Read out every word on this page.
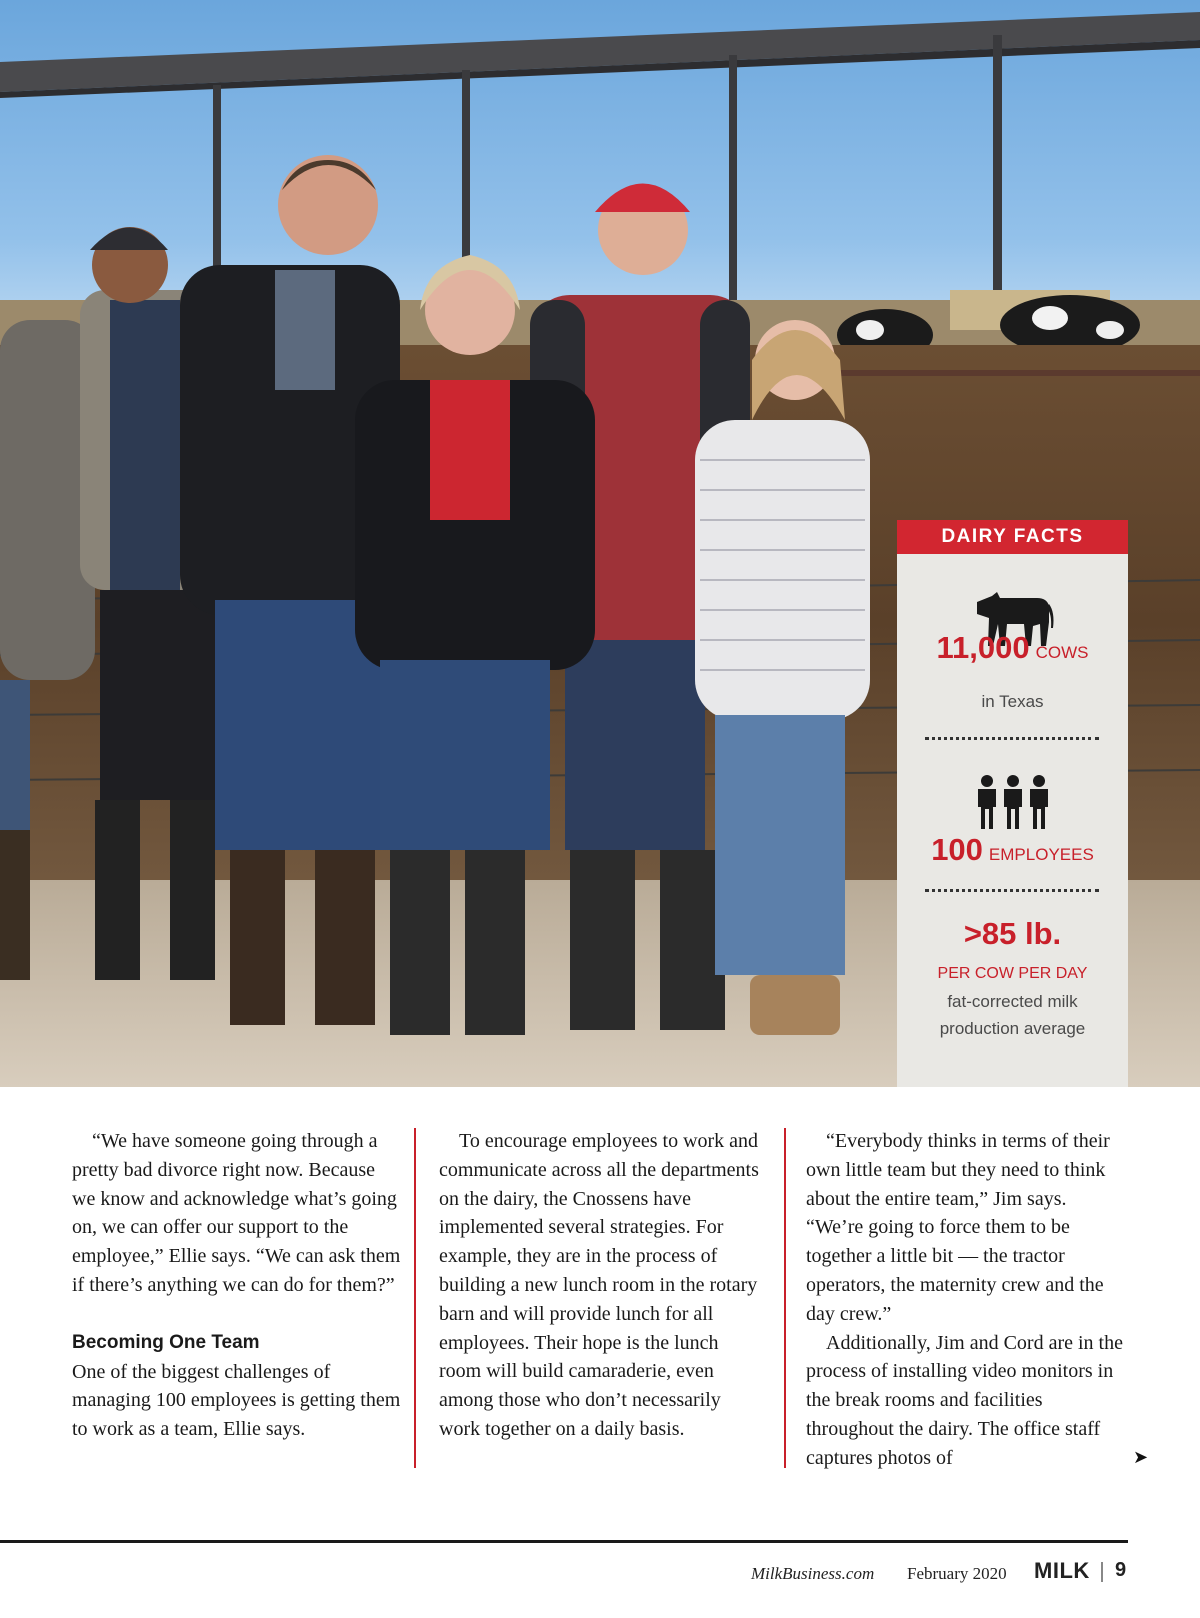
DAIRY FACTS
11,000 COWS
in Texas
100 EMPLOYEES
>85 lb.
PER COW PER DAY
fat-corrected milk
production average

“We have someone going through a pretty bad divorce right now. Because we know and acknowledge what’s going on, we can offer our support to the employee,” Ellie says. “We can ask them if there’s anything we can do for them?”

Becoming One Team

One of the biggest challenges of managing 100 employees is getting them to work as a team, Ellie says.

To encourage employees to work and communicate across all the departments on the dairy, the Cnossens have implemented several strategies. For example, they are in the process of building a new lunch room in the rotary barn and will provide lunch for all employees. Their hope is the lunch room will build camaraderie, even among those who don’t necessarily work together on a daily basis.

“Everybody thinks in terms of their own little team but they need to think about the entire team,” Jim says. “We’re going to force them to be together a little bit — the tractor operators, the maternity crew and the day crew.”

Additionally, Jim and Cord are in the process of installing video monitors in the break rooms and facilities throughout the dairy. The office staff captures photos of	➤
MilkBusiness.com February 2020 MILK 9
